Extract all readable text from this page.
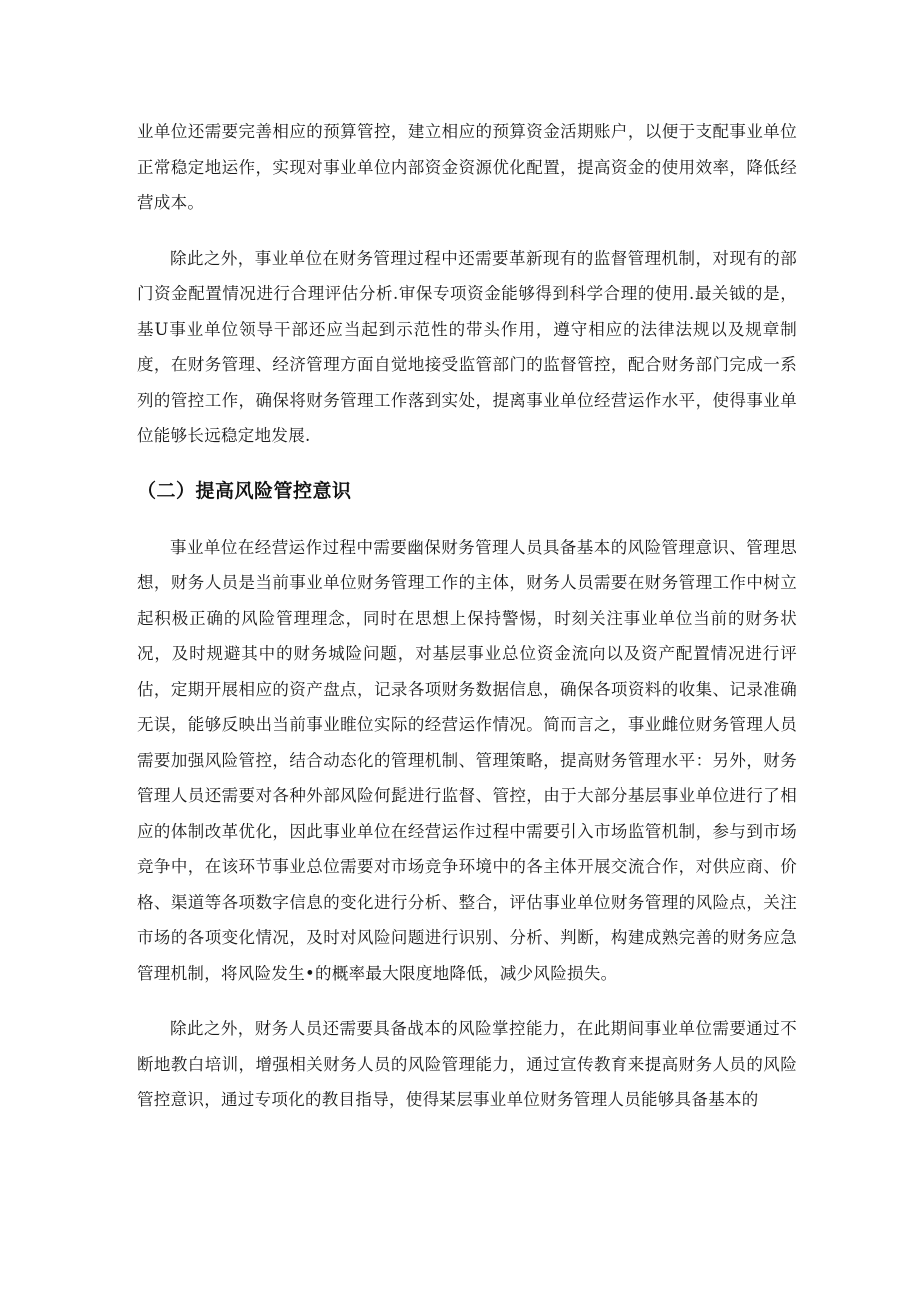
业单位还需要完善相应的预算管控，建立相应的预算资金活期账户，以便于支配事业单位正常稳定地运作，实现对事业单位内部资金资源优化配置，提高资金的使用效率，降低经营成本。

除此之外，事业单位在财务管理过程中还需要革新现有的监督管理机制，对现有的部门资金配置情况进行合理评估分析.审保专项资金能够得到科学合理的使用.最关钺的是，基U事业单位领导干部还应当起到示范性的带头作用，遵守相应的法律法规以及规章制度，在财务管理、经济管理方面自觉地接受监管部门的监督管控，配合财务部门完成一系列的管控工作，确保将财务管理工作落到实处，提离事业单位经营运作水平，使得事业单位能够长远稳定地发展.

（二）提高风险管控意识

事业单位在经营运作过程中需要幽保财务管理人员具备基本的风险管理意识、管理思想，财务人员是当前事业单位财务管理工作的主体，财务人员需要在财务管理工作中树立起积极正确的风险管理理念，同时在思想上保持警惕，时刻关注事业单位当前的财务状况，及时规避其中的财务城险问题，对基层事业总位资金流向以及资产配置情况进行评估，定期开展相应的资产盘点，记录各项财务数据信息，确保各项资料的收集、记录准确无误，能够反映出当前事业睢位实际的经营运作情况。简而言之，事业雌位财务管理人员需要加强风险管控，结合动态化的管理机制、管理策略，提高财务管理水平：另外，财务管理人员还需要对各种外部风险何髭进行监督、管控，由于大部分基层事业单位进行了相应的体制改革优化，因此事业单位在经营运作过程中需要引入市场监管机制，参与到市场竞争中，在该环节事业总位需要对市场竞争环境中的各主体开展交流合作，对供应商、价格、渠道等各项数字信息的变化进行分析、整合，评估事业单位财务管理的风险点，关注市场的各项变化情况，及时对风险问题进行识别、分析、判断，构建成熟完善的财务应急管理机制，将风险发生•的概率最大限度地降低，减少风险损失。

除此之外，财务人员还需要具备战本的风险掌控能力，在此期间事业单位需要通过不断地教白培训，增强相关财务人员的风险管理能力，通过宣传教育来提高财务人员的风险管控意识，通过专项化的教目指导，使得某层事业单位财务管理人员能够具备基本的
